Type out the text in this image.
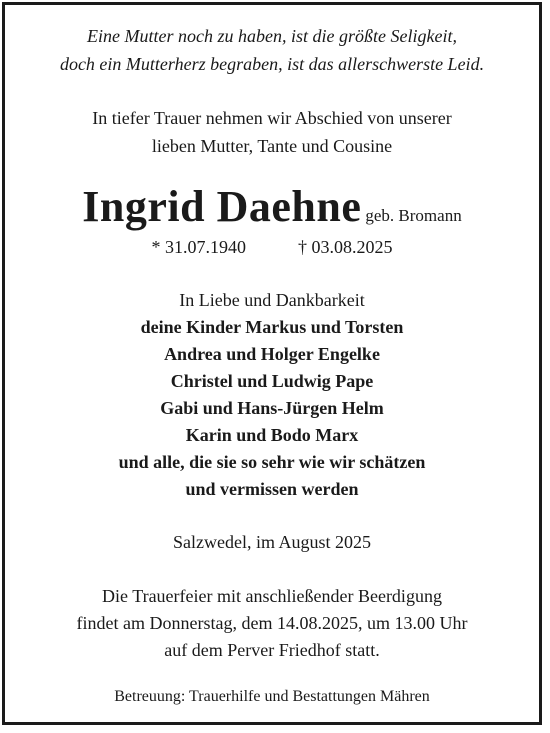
Eine Mutter noch zu haben, ist die größte Seligkeit,
doch ein Mutterherz begraben, ist das allerschwerste Leid.
In tiefer Trauer nehmen wir Abschied von unserer
lieben Mutter, Tante und Cousine
Ingrid Daehne geb. Bromann
* 31.07.1940	† 03.08.2025
In Liebe und Dankbarkeit
deine Kinder Markus und Torsten
Andrea und Holger Engelke
Christel und Ludwig Pape
Gabi und Hans-Jürgen Helm
Karin und Bodo Marx
und alle, die sie so sehr wie wir schätzen
und vermissen werden
Salzwedel, im August 2025
Die Trauerfeier mit anschließender Beerdigung
findet am Donnerstag, dem 14.08.2025, um 13.00 Uhr
auf dem Perver Friedhof statt.
Betreuung: Trauerhilfe und Bestattungen Mähren
